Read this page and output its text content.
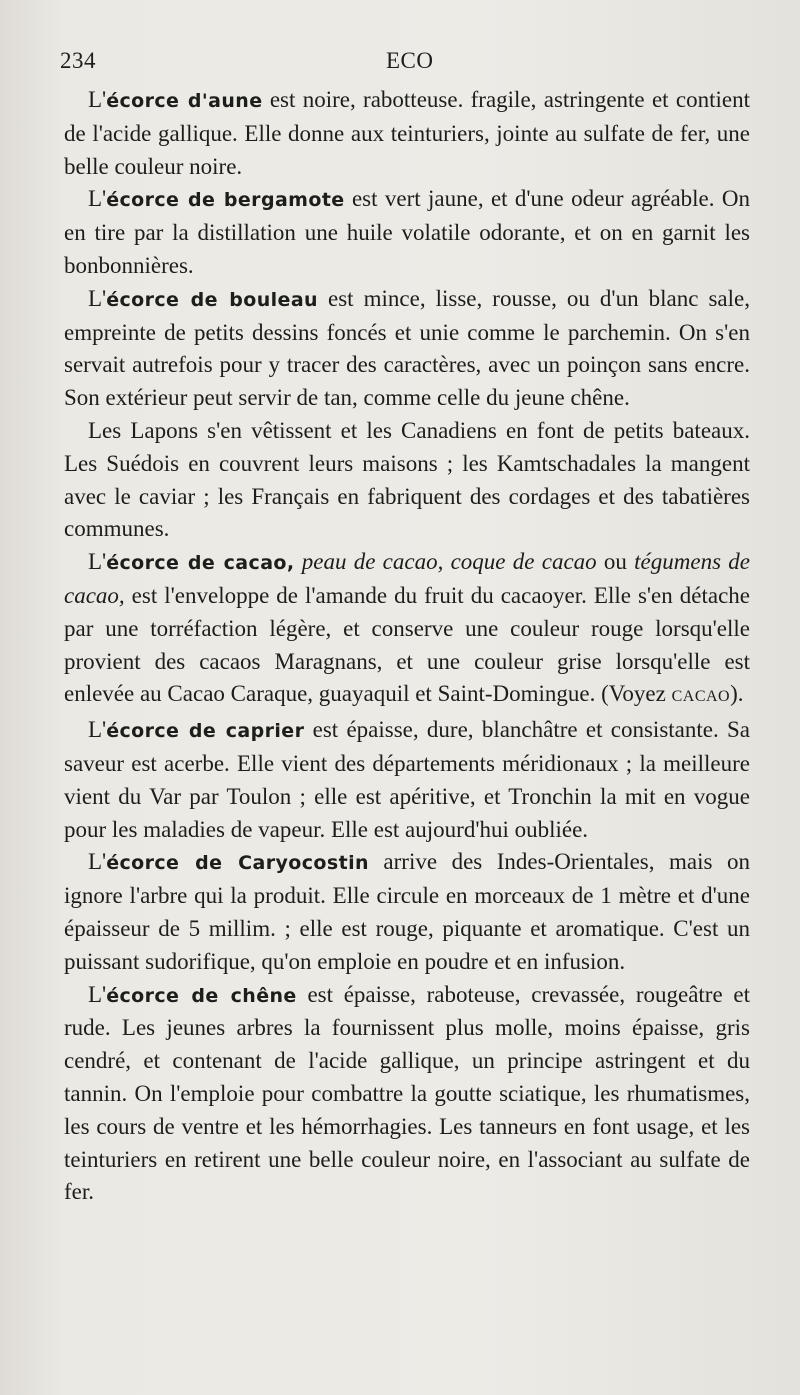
234	ECO

L'écorce d'aune est noire, rabotteuse. fragile, astringente et contient de l'acide gallique. Elle donne aux teinturiers, jointe au sulfate de fer, une belle couleur noire.

L'écorce de bergamote est vert jaune, et d'une odeur agréable. On en tire par la distillation une huile volatile odorante, et on en garnit les bonbonnières.

L'écorce de bouleau est mince, lisse, rousse, ou d'un blanc sale, empreinte de petits dessins foncés et unie comme le parchemin. On s'en servait autrefois pour y tracer des caractères, avec un poinçon sans encre. Son extérieur peut servir de tan, comme celle du jeune chêne.

Les Lapons s'en vêtissent et les Canadiens en font de petits bateaux. Les Suédois en couvrent leurs maisons ; les Kamtschadales la mangent avec le caviar ; les Français en fabriquent des cordages et des tabatières communes.

L'écorce de cacao, peau de cacao, coque de cacao ou tégumens de cacao, est l'enveloppe de l'amande du fruit du cacaoyer. Elle s'en détache par une torréfaction légère, et conserve une couleur rouge lorsqu'elle provient des cacaos Maragnans, et une couleur grise lorsqu'elle est enlevée au Cacao Caraque, guayaquil et Saint-Domingue. (Voyez CACAO).

L'écorce de caprier est épaisse, dure, blanchâtre et consistante. Sa saveur est acerbe. Elle vient des départements méridionaux ; la meilleure vient du Var par Toulon ; elle est apéritive, et Tronchin la mit en vogue pour les maladies de vapeur. Elle est aujourd'hui oubliée.

L'écorce de Caryocostin arrive des Indes-Orientales, mais on ignore l'arbre qui la produit. Elle circule en morceaux de 1 mètre et d'une épaisseur de 5 millim. ; elle est rouge, piquante et aromatique. C'est un puissant sudorifique, qu'on emploie en poudre et en infusion.

L'écorce de chêne est épaisse, raboteuse, crevassée, rougeâtre et rude. Les jeunes arbres la fournissent plus molle, moins épaisse, gris cendré, et contenant de l'acide gallique, un principe astringent et du tannin. On l'emploie pour combattre la goutte sciatique, les rhumatismes, les cours de ventre et les hémorrhagies. Les tanneurs en font usage, et les teinturiers en retirent une belle couleur noire, en l'associant au sulfate de fer.
